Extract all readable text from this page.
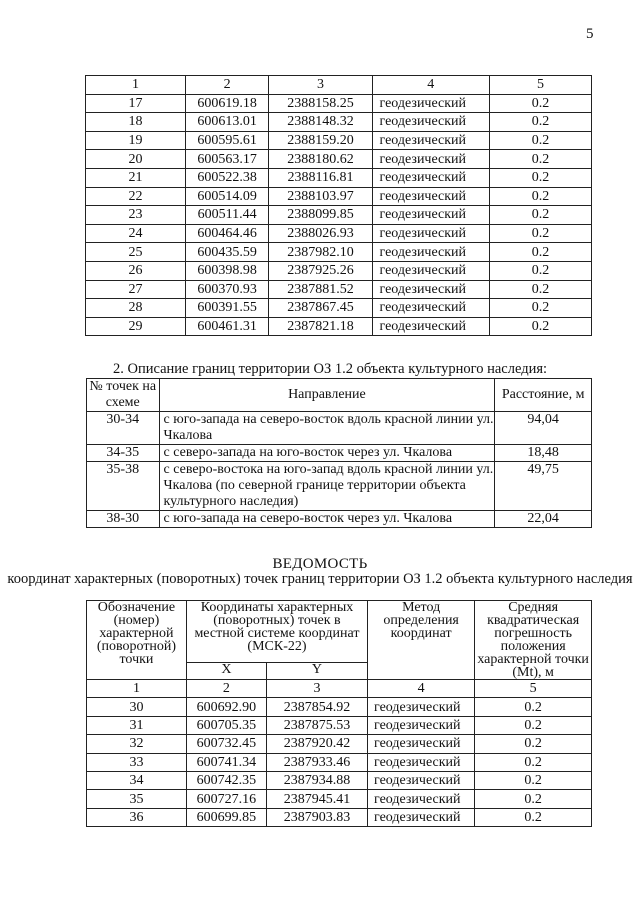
5
1	2	3	4	5
17	600619.18	2388158.25	геодезический	0.2
18	600613.01	2388148.32	геодезический	0.2
19	600595.61	2388159.20	геодезический	0.2
20	600563.17	2388180.62	геодезический	0.2
21	600522.38	2388116.81	геодезический	0.2
22	600514.09	2388103.97	геодезический	0.2
23	600511.44	2388099.85	геодезический	0.2
24	600464.46	2388026.93	геодезический	0.2
25	600435.59	2387982.10	геодезический	0.2
26	600398.98	2387925.26	геодезический	0.2
27	600370.93	2387881.52	геодезический	0.2
28	600391.55	2387867.45	геодезический	0.2
29	600461.31	2387821.18	геодезический	0.2
2. Описание границ территории ОЗ 1.2 объекта культурного наследия:
№ точек на схеме	Направление	Расстояние, м
30-34	с юго-запада на северо-восток вдоль красной линии ул. Чкалова	94,04
34-35	с северо-запада на юго-восток через ул. Чкалова	18,48
35-38	с северо-востока на юго-запад вдоль красной линии ул. Чкалова (по северной границе территории объекта культурного наследия)	49,75
38-30	с юго-запада на северо-восток через ул. Чкалова	22,04
ВЕДОМОСТЬ
координат характерных (поворотных) точек границ территории ОЗ 1.2 объекта культурного наследия
Обозначение (номер) характерной (поворотной) точки	Координаты характерных (поворотных) точек в местной системе координат (МСК-22)		Метод определения координат	Средняя квадратическая погрешность положения характерной точки (Mt), м
	X	Y		
1	2	3	4	5
30	600692.90	2387854.92	геодезический	0.2
31	600705.35	2387875.53	геодезический	0.2
32	600732.45	2387920.42	геодезический	0.2
33	600741.34	2387933.46	геодезический	0.2
34	600742.35	2387934.88	геодезический	0.2
35	600727.16	2387945.41	геодезический	0.2
36	600699.85	2387903.83	геодезический	0.2
